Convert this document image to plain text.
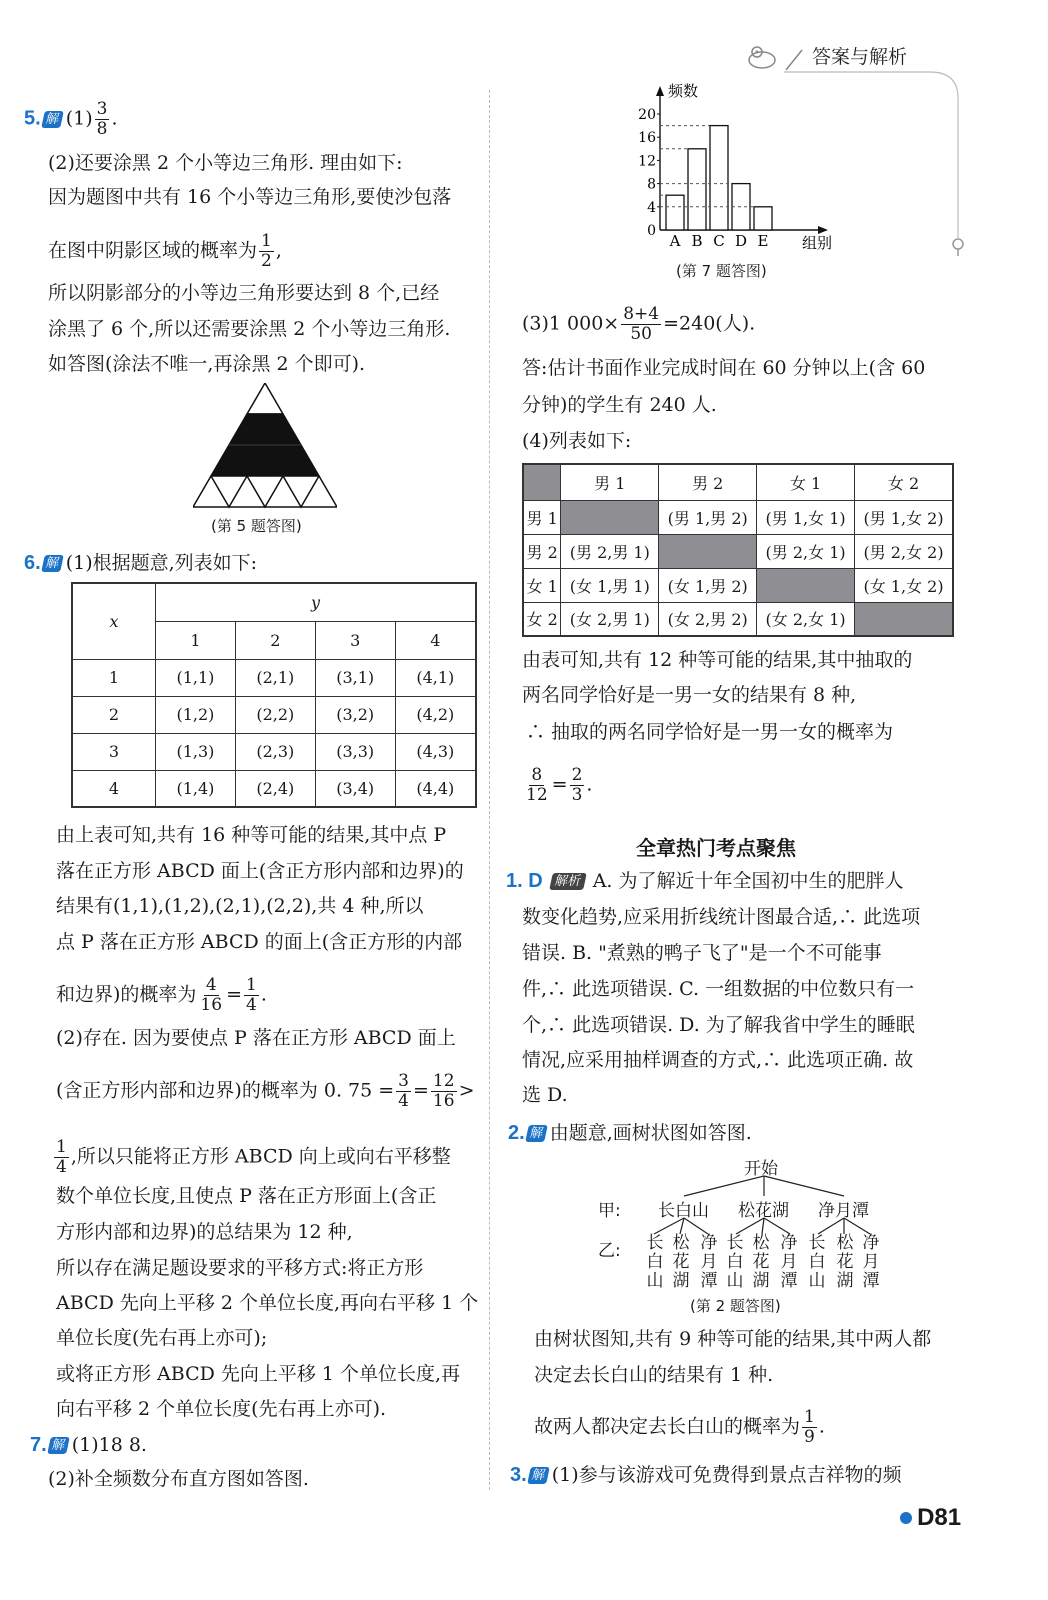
答案与解析
5. 解 $(1) \frac{3}{8}$ .
(2)还要涂黑 2 个小等边三角形. 理由如下:
因为题图中共有 16 个小等边三角形,要使沙包落
在图中阴影区域的概率为 $\frac{1}{2}$ ,
所以阴影部分的小等边三角形要达到 8 个,已经
涂黑了 6 个,所以还需要涂黑 2 个小等边三角形.
如答图(涂法不唯一,再涂黑 2 个即可).
(第 5 题答图)
6. 解 (1)根据题意,列表如下:
x	y			
	1	2	3	4
1	(1,1)	(2,1)	(3,1)	(4,1)
2	(1,2)	(2,2)	(3,2)	(4,2)
3	(1,3)	(2,3)	(3,3)	(4,3)
4	(1,4)	(2,4)	(3,4)	(4,4)
由上表可知,共有 16 种等可能的结果,其中点 P
落在正方形 ABCD 面上(含正方形内部和边界)的
结果有(1,1),(1,2),(2,1),(2,2),共 4 种,所以
点 P 落在正方形 ABCD 的面上(含正方形的内部
和边界)的概率为 $\frac{4}{16} = \frac{1}{4}$ .
(2)存在. 因为要使点 P 落在正方形 ABCD 面上
(含正方形内部和边界)的概率为 0. $75 = \frac{3}{4} = \frac{12}{16}$ >
$\frac{1}{4}$ ,所以只能将正方形 ABCD 向上或向右平移整
数个单位长度,且使点 P 落在正方形面上(含正
方形内部和边界)的总结果为 12 种,
所以存在满足题设要求的平移方式:将正方形
ABCD 先向上平移 2 个单位长度,再向右平移 1 个
单位长度(先右再上亦可);
或将正方形 ABCD 先向上平移 1 个单位长度,再
向右平移 2 个单位长度(先右再上亦可).
7. 解 (1)18 8.
(2)补全频数分布直方图如答图.
0
4
8
12
16
20
A B C D E
频数
组别
(第 7 题答图)
(3)1 $000\times \frac{8+4}{50} =240$(人).
答:估计书面作业完成时间在 60 分钟以上(含 60
分钟)的学生有 240 人.
(4)列表如下:
	男 1	男 2	女 1	女 2
男 1		(男 1,男 2)	(男 1,女 1)	(男 1,女 2)
男 2	(男 2,男 1)		(男 2,女 1)	(男 2,女 2)
女 1	(女 1,男 1)	(女 1,男 2)		(女 1,女 2)
女 2	(女 2,男 1)	(女 2,男 2)	(女 2,女 1)	
由表可知,共有 12 种等可能的结果,其中抽取的
两名同学恰好是一男一女的结果有 8 种,
∴ 抽取的两名同学恰好是一男一女的概率为
$\frac{8}{12} = \frac{2}{3}$ .
全章热门考点聚焦
1. D 解析 A. 为了解近十年全国初中生的肥胖人
数变化趋势,应采用折线统计图最合适,∴ 此选项
错误. B. "煮熟的鸭子飞了"是一个不可能事
件,∴ 此选项错误. C. 一组数据的中位数只有一
个,∴ 此选项错误. D. 为了解我省中学生的睡眠
情况,应采用抽样调查的方式,∴ 此选项正确. 故
选 D.
2. 解 由题意,画树状图如答图.
开始
甲:
乙:
长白山 松花湖 净月潭
长
白
山
松
花
湖
净
月
潭
长
白
山
松
花
湖
净
月
潭
长
白
山
松
花
湖
净
月
潭
(第 2 题答图)
由树状图知,共有 9 种等可能的结果,其中两人都
决定去长白山的结果有 1 种.
故两人都决定去长白山的概率为 $\frac{1}{9}$ .
3. 解 (1)参与该游戏可免费得到景点吉祥物的频
D81
